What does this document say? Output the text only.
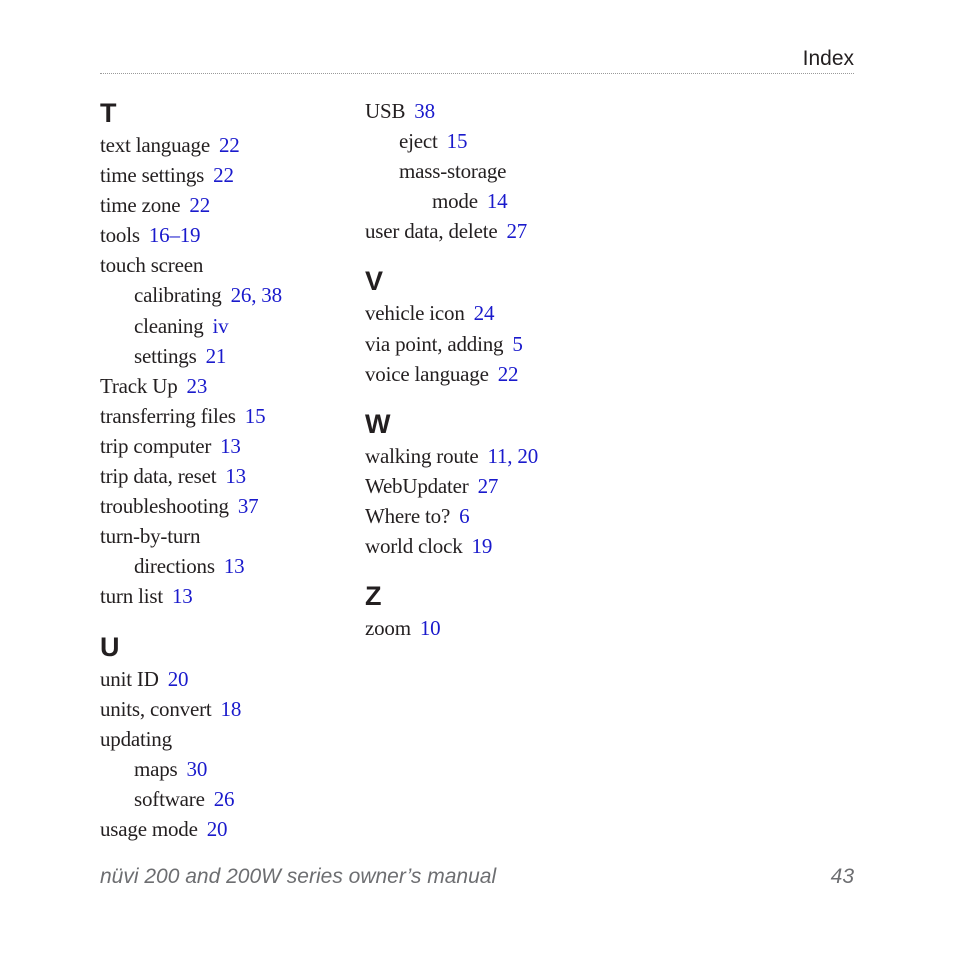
Index
T
text language 22
time settings 22
time zone 22
tools 16–19
touch screen
calibrating 26, 38
cleaning iv
settings 21
Track Up 23
transferring files 15
trip computer 13
trip data, reset 13
troubleshooting 37
turn-by-turn
directions 13
turn list 13
U
unit ID 20
units, convert 18
updating
maps 30
software 26
usage mode 20
USB 38
eject 15
mass-storage
mode 14
user data, delete 27
V
vehicle icon 24
via point, adding 5
voice language 22
W
walking route 11, 20
WebUpdater 27
Where to? 6
world clock 19
Z
zoom 10
nüvi 200 and 200W series owner’s manual	43
